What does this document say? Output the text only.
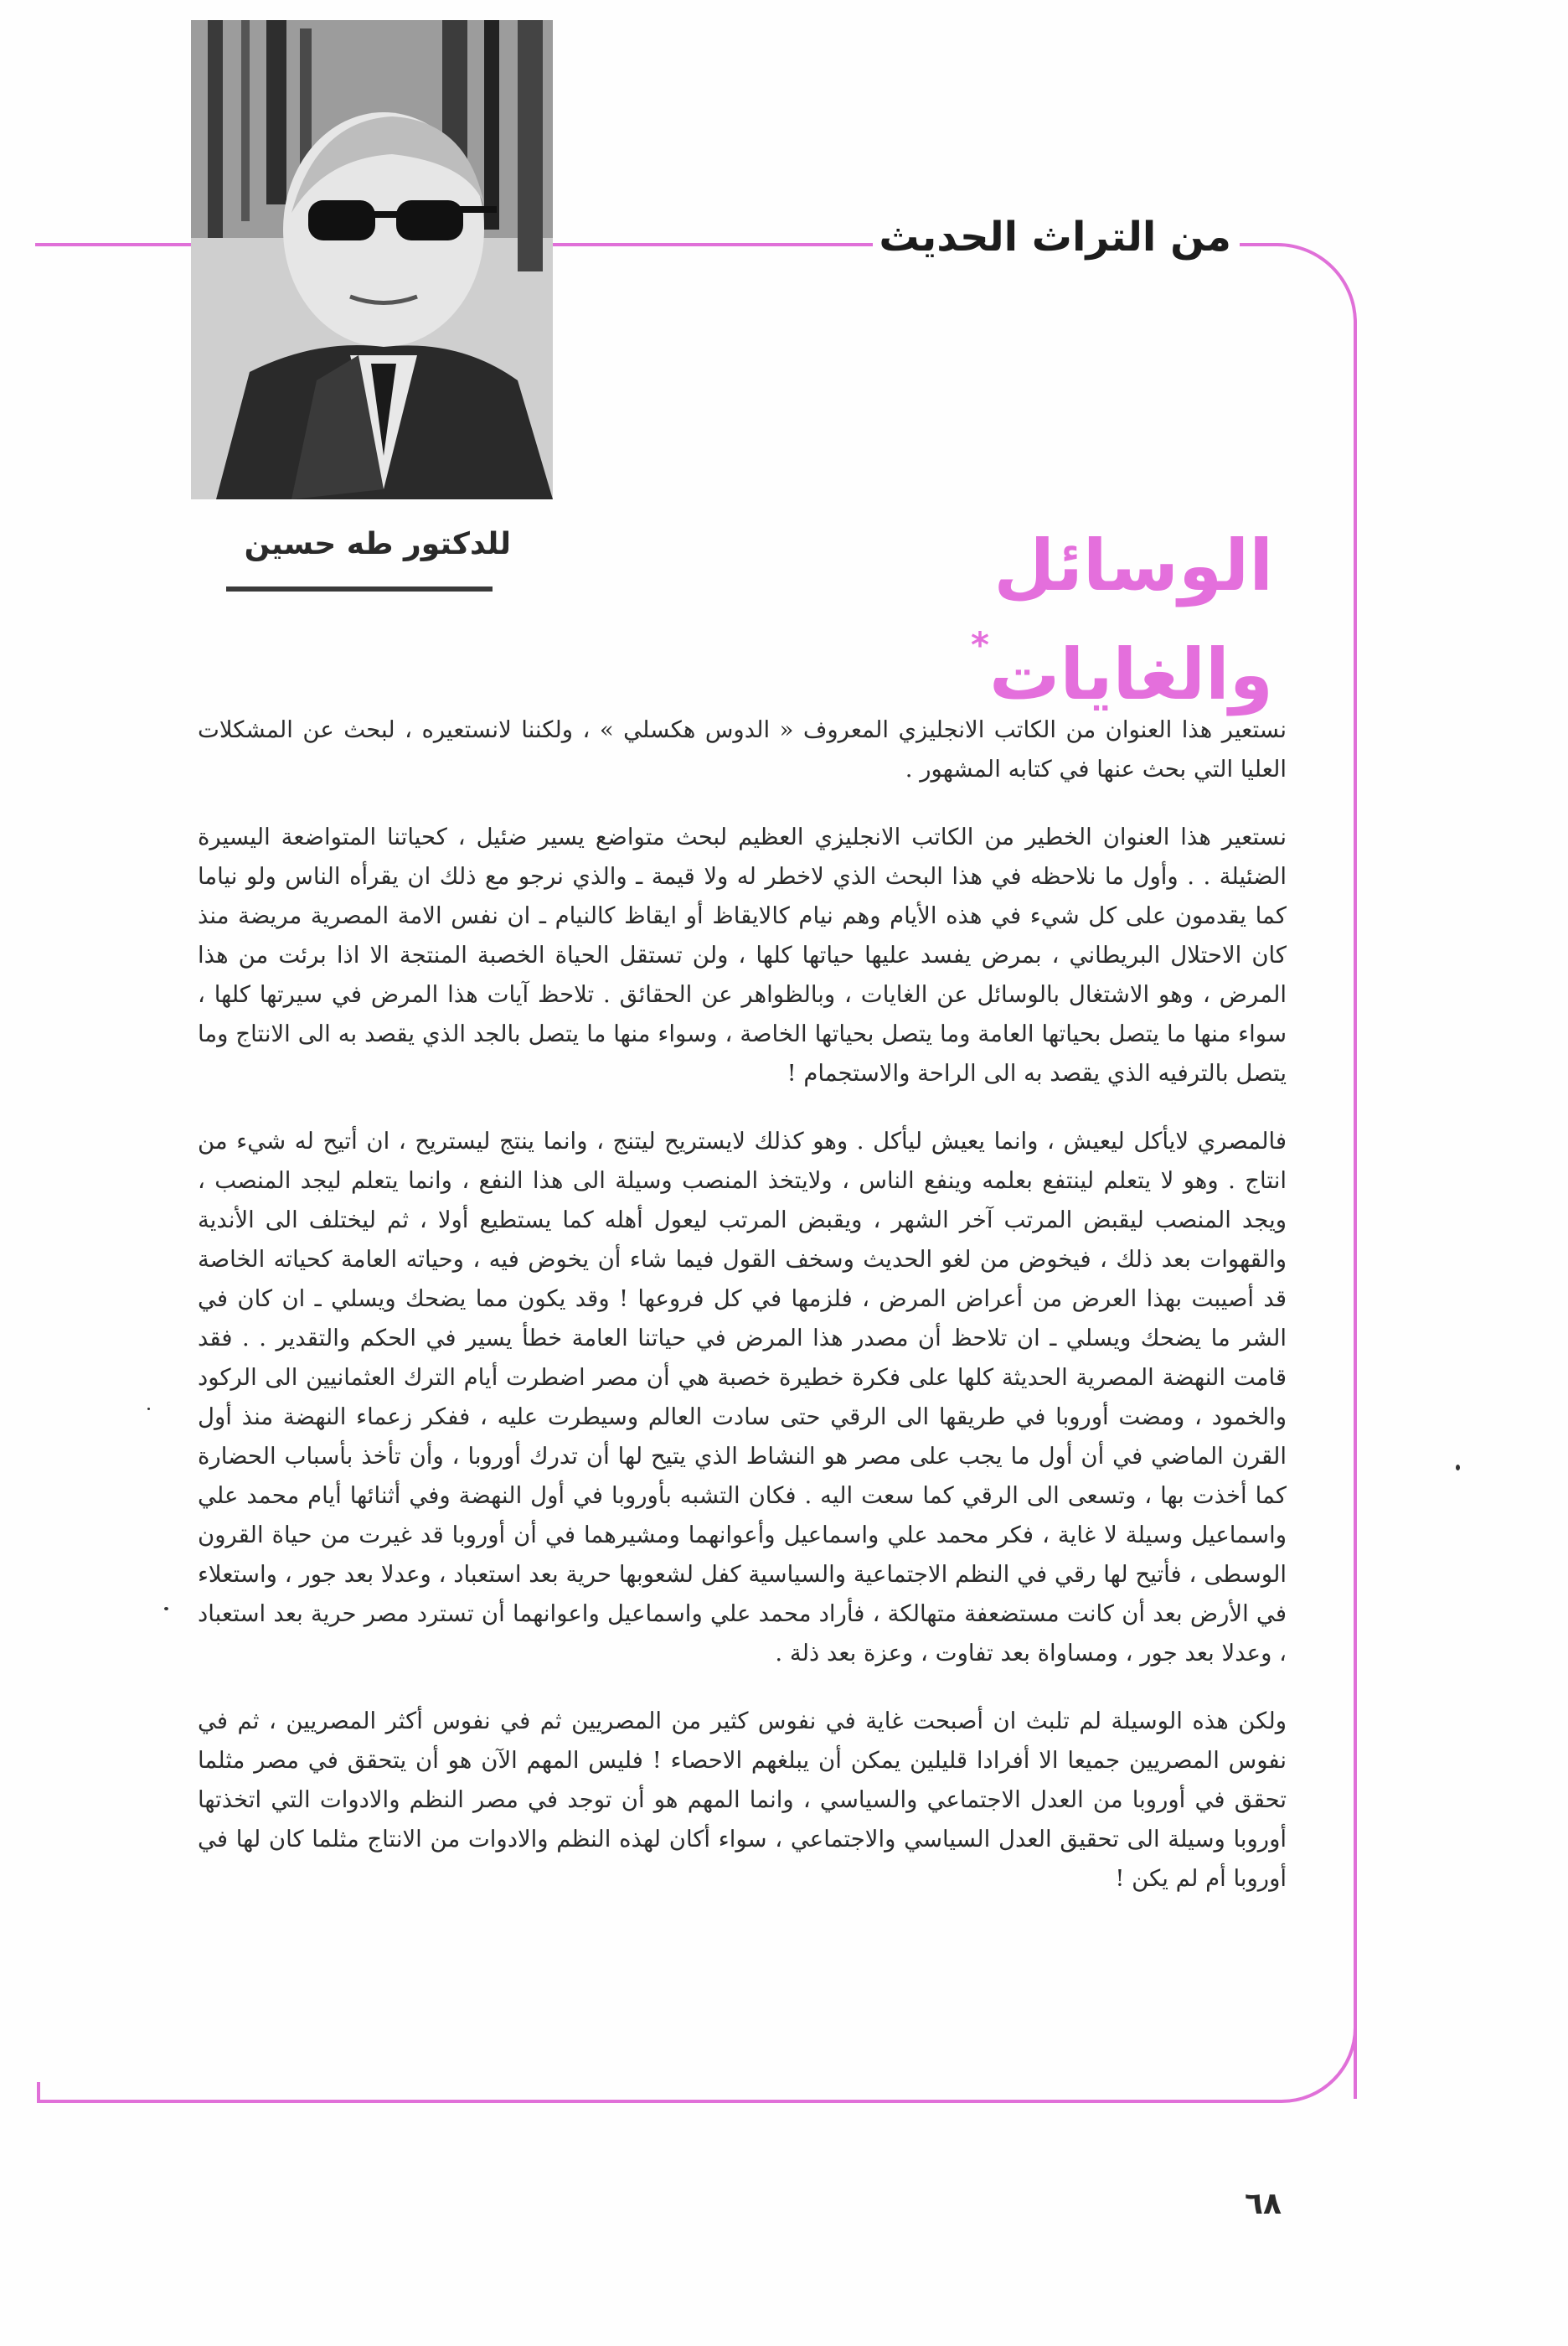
من التراث الحديث
للدكتور طه حسين	الوسائل والغايات*

نستعير هذا العنوان من الكاتب الانجليزي المعروف « الدوس هكسلي » ، ولكننا لانستعيره ، لبحث عن المشكلات العليا التي بحث عنها في كتابه المشهور .

نستعير هذا العنوان الخطير من الكاتب الانجليزي العظيم لبحث متواضع يسير ضئيل ، كحياتنا المتواضعة اليسيرة الضئيلة . . وأول ما نلاحظه في هذا البحث الذي لاخطر له ولا قيمة ـ والذي نرجو مع ذلك ان يقرأه الناس ولو نياما كما يقدمون على كل شيء في هذه الأيام وهم نيام كالايقاظ أو ايقاظ كالنيام ـ ان نفس الامة المصرية مريضة منذ كان الاحتلال البريطاني ، بمرض يفسد عليها حياتها كلها ، ولن تستقل الحياة الخصبة المنتجة الا اذا برئت من هذا المرض ، وهو الاشتغال بالوسائل عن الغايات ، وبالظواهر عن الحقائق . تلاحظ آيات هذا المرض في سيرتها كلها ، سواء منها ما يتصل بحياتها العامة وما يتصل بحياتها الخاصة ، وسواء منها ما يتصل بالجد الذي يقصد به الى الانتاج وما يتصل بالترفيه الذي يقصد به الى الراحة والاستجمام !

فالمصري لايأكل ليعيش ، وانما يعيش ليأكل . وهو كذلك لايستريح ليتنج ، وانما ينتج ليستريح ، ان أتيح له شيء من انتاج . وهو لا يتعلم لينتفع بعلمه وينفع الناس ، ولايتخذ المنصب وسيلة الى هذا النفع ، وانما يتعلم ليجد المنصب ، ويجد المنصب ليقبض المرتب آخر الشهر ، ويقبض المرتب ليعول أهله كما يستطيع أولا ، ثم ليختلف الى الأندية والقهوات بعد ذلك ، فيخوض من لغو الحديث وسخف القول فيما شاء أن يخوض فيه ، وحياته العامة كحياته الخاصة قد أصيبت بهذا العرض من أعراض المرض ، فلزمها في كل فروعها ! وقد يكون مما يضحك ويسلي ـ ان كان في الشر ما يضحك ويسلي ـ ان تلاحظ أن مصدر هذا المرض في حياتنا العامة خطأ يسير في الحكم والتقدير . . فقد قامت النهضة المصرية الحديثة كلها على فكرة خطيرة خصبة هي أن مصر اضطرت أيام الترك العثمانيين الى الركود والخمود ، ومضت أوروبا في طريقها الى الرقي حتى سادت العالم وسيطرت عليه ، ففكر زعماء النهضة منذ أول القرن الماضي في أن أول ما يجب على مصر هو النشاط الذي يتيح لها أن تدرك أوروبا ، وأن تأخذ بأسباب الحضارة كما أخذت بها ، وتسعى الى الرقي كما سعت اليه . فكان التشبه بأوروبا في أول النهضة وفي أثنائها أيام محمد علي واسماعيل وسيلة لا غاية ، فكر محمد علي واسماعيل وأعوانهما ومشيرهما في أن أوروبا قد غيرت من حياة القرون الوسطى ، فأتيح لها رقي في النظم الاجتماعية والسياسية كفل لشعوبها حرية بعد استعباد ، وعدلا بعد جور ، واستعلاء في الأرض بعد أن كانت مستضعفة متهالكة ، فأراد محمد علي واسماعيل واعوانهما أن تسترد مصر حرية بعد استعباد ، وعدلا بعد جور ، ومساواة بعد تفاوت ، وعزة بعد ذلة .

ولكن هذه الوسيلة لم تلبث ان أصبحت غاية في نفوس كثير من المصريين ثم في نفوس أكثر المصريين ، ثم في نفوس المصريين جميعا الا أفرادا قليلين يمكن أن يبلغهم الاحصاء ! فليس المهم الآن هو أن يتحقق في مصر مثلما تحقق في أوروبا من العدل الاجتماعي والسياسي ، وانما المهم هو أن توجد في مصر النظم والادوات التي اتخذتها أوروبا وسيلة الى تحقيق العدل السياسي والاجتماعي ، سواء أكان لهذه النظم والادوات من الانتاج مثلما كان لها في أوروبا أم لم يكن !

٦٨
